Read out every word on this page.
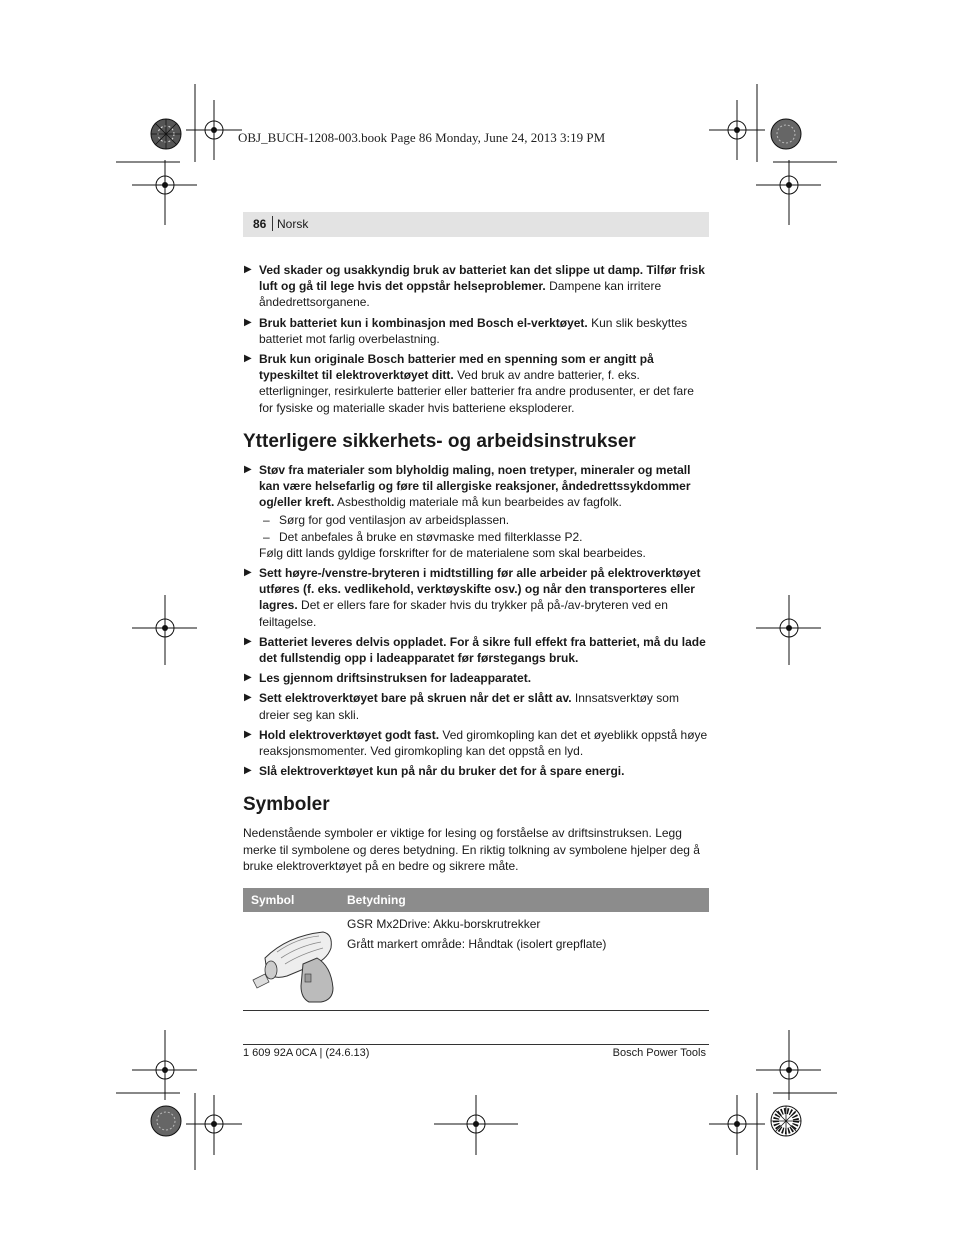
OBJ_BUCH-1208-003.book Page 86 Monday, June 24, 2013 3:19 PM
86 Norsk
▶ Ved skader og usakkyndig bruk av batteriet kan det slippe ut damp. Tilfør frisk luft og gå til lege hvis det oppstår helseproblemer. Dampene kan irritere åndedrettsorganene.
▶ Bruk batteriet kun i kombinasjon med Bosch el-verktøyet. Kun slik beskyttes batteriet mot farlig overbelastning.
▶ Bruk kun originale Bosch batterier med en spenning som er angitt på typeskiltet til elektroverktøyet ditt. Ved bruk av andre batterier, f. eks. etterligninger, resirkulerte batterier eller batterier fra andre produsenter, er det fare for fysiske og materialle skader hvis batteriene eksploderer.
Ytterligere sikkerhets- og arbeidsinstrukser
▶ Støv fra materialer som blyholdig maling, noen tretyper, mineraler og metall kan være helsefarlig og føre til allergiske reaksjoner, åndedrettssykdommer og/eller kreft. Asbestholdig materiale må kun bearbeides av fagfolk.
– Sørg for god ventilasjon av arbeidsplassen.
– Det anbefales å bruke en støvmaske med filterklasse P2.
Følg ditt lands gyldige forskrifter for de materialene som skal bearbeides.
▶ Sett høyre-/venstre-bryteren i midtstilling før alle arbeider på elektroverktøyet utføres (f. eks. vedlikehold, verktøyskifte osv.) og når den transporteres eller lagres. Det er ellers fare for skader hvis du trykker på på-/av-bryteren ved en feiltagelse.
▶ Batteriet leveres delvis oppladet. For å sikre full effekt fra batteriet, må du lade det fullstendig opp i ladeapparatet før førstegangs bruk.
▶ Les gjennom driftsinstruksen for ladeapparatet.
▶ Sett elektroverktøyet bare på skruen når det er slått av. Innsatsverktøy som dreier seg kan skli.
▶ Hold elektroverktøyet godt fast. Ved giromkopling kan det et øyeblikk oppstå høye reaksjonsmomenter. Ved giromkopling kan det oppstå en lyd.
▶ Slå elektroverktøyet kun på når du bruker det for å spare energi.
Symboler
Nedenstående symboler er viktige for lesing og forståelse av driftsinstruksen. Legg merke til symbolene og deres betydning. En riktig tolkning av symbolene hjelper deg å bruke elektroverktøyet på en bedre og sikrere måte.
Symbol	Betydning

GSR Mx2Drive: Akku-borskrutrekker
Grått markert område: Håndtak (isolert grepflate)
1 609 92A 0CA | (24.6.13)	Bosch Power Tools
